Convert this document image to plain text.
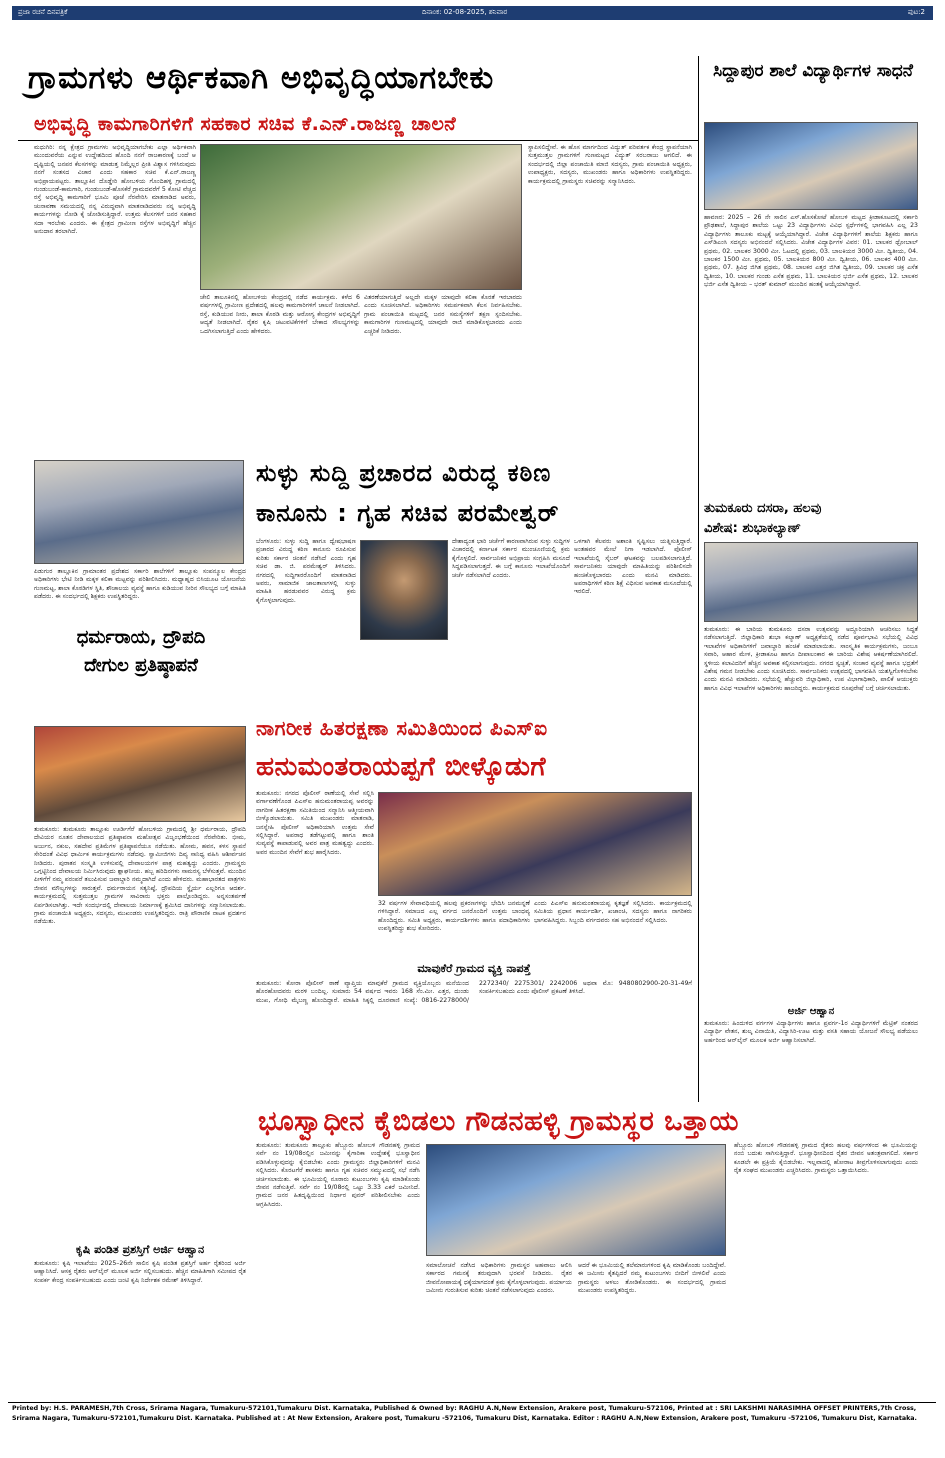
ಪ್ರಜಾ ರಚನೆ ದಿನಪತ್ರಿಕೆ	ದಿನಾಂಕ: 02-08-2025, ಶನಿವಾರ	ಪುಟ:2
ಗ್ರಾಮಗಳು ಆರ್ಥಿಕವಾಗಿ ಅಭಿವೃದ್ಧಿಯಾಗಬೇಕು
ಅಭಿವೃದ್ಧಿ ಕಾಮಗಾರಿಗಳಿಗೆ ಸಹಕಾರ ಸಚಿವ ಕೆ.ಎನ್.ರಾಜಣ್ಣ ಚಾಲನೆ
ಮಧುಗಿರಿ: ನನ್ನ ಕ್ಷೇತ್ರದ ಗ್ರಾಮಗಳು ಅಭಿವೃದ್ಧಿಯಾಗಬೇಕು ಎಲ್ಲಾ ಅರ್ಥಿಕವಾಗಿ ಮುಂದುವರೆಯ ಎನ್ನುವ ಉದ್ದೇಶದಿಂದ ಹೊಂದಿ ನನಗೆ ರಾಜಕಾರಣಕ್ಕೆ ಬಂದೆ ಆ ದೃಷ್ಟಿಯಲ್ಲಿ ಜನಪರ ಕೆಲಸಗಳನ್ನು ಮಾಡುತ್ತ ನಿಮ್ಮೆಲ್ಲರ ಪ್ರೀತಿ ವಿಶ್ವಾಸ ಗಳಿಸಿರುವುದು ನನಗೆ ಸಂತಸದ ವಿಚಾರ ಎಂದು ಸಹಕಾರ ಸಚಿವ ಕೆ.ಎನ್.ರಾಜಣ್ಣ ಅಭಿಪ್ರಾಯಪಟ್ಟರು. ತಾಲ್ಲೂಕಿನ ದೊಡ್ಡೇರಿ ಹೋಬಳಿಯ ಗೊಂದಿಹಳ್ಳಿ ಗ್ರಾಮದಲ್ಲಿ ಗುಂಡುಬಂಡೆ-ಕಾಮಗಾರಿ, ಗುಂಡುಬಂಡೆ-ಹೊಸಕೆರೆ ಗ್ರಾಮದವರೆಗೆ 5 ಕೋಟಿ ವೆಚ್ಚದ ರಸ್ತೆ ಅಭಿವೃದ್ಧಿ ಕಾಮಗಾರಿಗೆ ಭೂಮಿ ಪೂಜೆ ನೆರವೇರಿಸಿ ಮಾತನಾಡಿದ ಅವರು, ಚುನಾವಣಾ ಸಮಯದಲ್ಲಿ ನನ್ನ ವಿರುದ್ಧವಾಗಿ ಮಾತನಾಡಿದವರು ನನ್ನ ಅಭಿವೃದ್ಧಿ ಕಾರ್ಯಗಳನ್ನು ನೋಡಿ ಕೈ ಜೋಡಿಸುತ್ತಿದ್ದಾರೆ. ಉತ್ತಮ ಕೆಲಸಗಳಿಗೆ ಜನರ ಸಹಕಾರ ಸದಾ ಇರಬೇಕು ಎಂದರು. ಈ ಕ್ಷೇತ್ರದ ಗ್ರಾಮೀಣ ರಸ್ತೆಗಳ ಅಭಿವೃದ್ಧಿಗೆ ಹೆಚ್ಚಿನ ಅನುದಾನ ತರಲಾಗಿದೆ.
ಚೇಲಿ ತಾಲೂಕಿನಲ್ಲಿ ಹೋಬಳಿಯ ಕೇಂದ್ರದಲ್ಲಿ ನಡೆದ ಕಾರ್ಯಕ್ರಮ. ಕಳೆದ 6 ವರ್ಷಗಳಲ್ಲಿ ಗ್ರಾಮೀಣ ಪ್ರದೇಶದಲ್ಲಿ ಹಲವು ಕಾಮಗಾರಿಗಳಿಗೆ ಚಾಲನೆ ನೀಡಲಾಗಿದೆ. ರಸ್ತೆ, ಕುಡಿಯುವ ನೀರು, ಶಾಲಾ ಕೊಠಡಿ ಮತ್ತು ಆರೋಗ್ಯ ಕೇಂದ್ರಗಳ ಅಭಿವೃದ್ಧಿಗೆ ಆದ್ಯತೆ ನೀಡಲಾಗಿದೆ. ರೈತರ ಕೃಷಿ ಚಟುವಟಿಕೆಗಳಿಗೆ ಬೇಕಾದ ಸೌಲಭ್ಯಗಳನ್ನು ಒದಗಿಸಲಾಗುತ್ತಿದೆ ಎಂದು ಹೇಳಿದರು.
ವಿತರಣೆಯಾಗುತ್ತಿದೆ ಅಲ್ಲದೇ ಮಕ್ಕಳ ಯಾವುದೇ ಕಲಿಕಾ ಕೊರತೆ ಇರಬಾರದು ಎಂದು ಸೂಚಿಸಲಾಗಿದೆ. ಅಧಿಕಾರಿಗಳು ಸಮರ್ಪಕವಾಗಿ ಕೆಲಸ ನಿರ್ವಹಿಸಬೇಕು. ಗ್ರಾಮ ಪಂಚಾಯಿತಿ ಮಟ್ಟದಲ್ಲಿ ಜನರ ಸಮಸ್ಯೆಗಳಿಗೆ ತಕ್ಷಣ ಸ್ಪಂದಿಸಬೇಕು. ಕಾಮಗಾರಿಗಳ ಗುಣಮಟ್ಟದಲ್ಲಿ ಯಾವುದೇ ರಾಜಿ ಮಾಡಿಕೊಳ್ಳಬಾರದು ಎಂದು ಎಚ್ಚರಿಕೆ ನೀಡಿದರು.
ಸ್ಥಾಪಿಸಲಿದ್ದೇವೆ. ಈ ಹೊಸ ಮಾರ್ಗದಿಂದ ವಿದ್ಯುತ್ ಪರಿವರ್ತಕ ಕೇಂದ್ರ ಸ್ಥಾಪನೆಯಾಗಿ ಸುತ್ತಮುತ್ತಲ ಗ್ರಾಮಗಳಿಗೆ ಗುಣಮಟ್ಟದ ವಿದ್ಯುತ್ ಸರಬರಾಜು ಆಗಲಿದೆ. ಈ ಸಂದರ್ಭದಲ್ಲಿ ಜಿಲ್ಲಾ ಪಂಚಾಯಿತಿ ಮಾಜಿ ಸದಸ್ಯರು, ಗ್ರಾಮ ಪಂಚಾಯಿತಿ ಅಧ್ಯಕ್ಷರು, ಉಪಾಧ್ಯಕ್ಷರು, ಸದಸ್ಯರು, ಮುಖಂಡರು ಹಾಗೂ ಅಧಿಕಾರಿಗಳು ಉಪಸ್ಥಿತರಿದ್ದರು. ಕಾರ್ಯಕ್ರಮದಲ್ಲಿ ಗ್ರಾಮಸ್ಥರು ಸಚಿವರನ್ನು ಸನ್ಮಾನಿಸಿದರು.
ಸಿದ್ದಾಪುರ ಶಾಲೆ ವಿದ್ಯಾರ್ಥಿಗಳ ಸಾಧನೆ
ಹಾವಣರ: 2025 – 26 ನೇ ಸಾಲಿನ ಎಸ್.ಹೊಸಕೋಟೆ ಹೋಬಳಿ ಮಟ್ಟದ ಕ್ರೀಡಾಕೂಟದಲ್ಲಿ ಸರ್ಕಾರಿ ಪ್ರೌಢಶಾಲೆ, ಸಿದ್ದಾಪುರ ಶಾಲೆಯ ಒಟ್ಟು 23 ವಿದ್ಯಾರ್ಥಿಗಳು ವಿವಿಧ ಸ್ಪರ್ಧೆಗಳಲ್ಲಿ ಭಾಗವಹಿಸಿ ಎಲ್ಲ 23 ವಿದ್ಯಾರ್ಥಿಗಳು ತಾಲೂಕು ಮಟ್ಟಕ್ಕೆ ಆಯ್ಕೆಯಾಗಿದ್ದಾರೆ. ವಿಜೇತ ವಿದ್ಯಾರ್ಥಿಗಳಿಗೆ ಶಾಲೆಯ ಶಿಕ್ಷಕರು ಹಾಗೂ ಎಸ್‌ಡಿಎಂಸಿ ಸದಸ್ಯರು ಅಭಿನಂದನೆ ಸಲ್ಲಿಸಿದರು. ವಿಜೇತ ವಿದ್ಯಾರ್ಥಿಗಳ ವಿವರ: 01. ಬಾಲಕರ ಥ್ರೋಬಾಲ್ ಪ್ರಥಮ, 02. ಬಾಲಕರ 3000 ಮೀ. ಓಟದಲ್ಲಿ ಪ್ರಥಮ, 03. ಬಾಲಕಿಯರ 3000 ಮೀ. ದ್ವಿತೀಯ, 04. ಬಾಲಕರ 1500 ಮೀ. ಪ್ರಥಮ, 05. ಬಾಲಕಿಯರ 800 ಮೀ. ದ್ವಿತೀಯ, 06. ಬಾಲಕರ 400 ಮೀ. ಪ್ರಥಮ, 07. ತ್ರಿವಿಧ ಜಿಗಿತ ಪ್ರಥಮ, 08. ಬಾಲಕರ ಎತ್ತರ ಜಿಗಿತ ದ್ವಿತೀಯ, 09. ಬಾಲಕರ ಚಕ್ರ ಎಸೆತ ದ್ವಿತೀಯ, 10. ಬಾಲಕರ ಗುಂಡು ಎಸೆತ ಪ್ರಥಮ, 11. ಬಾಲಕಿಯರ ಭರ್ಜಿ ಎಸೆತ ಪ್ರಥಮ, 12. ಬಾಲಕರ ಭರ್ಜಿ ಎಸೆತ ದ್ವಿತೀಯ – ಭರತ್ ಕುಮಾರ್ ಮುಂದಿನ ಹಂತಕ್ಕೆ ಆಯ್ಕೆಯಾಗಿದ್ದಾರೆ.
ಪಿಡುಗುರ ತಾಲ್ಲೂಕಿನ ಗ್ರಾಮಾಂತರ ಪ್ರದೇಶದ ಸರ್ಕಾರಿ ಶಾಲೆಗಳಿಗೆ ತಾಲ್ಲೂಕು ಸಂಪನ್ಮೂಲ ಕೇಂದ್ರದ ಅಧಿಕಾರಿಗಳು ಭೇಟಿ ನೀಡಿ ಮಕ್ಕಳ ಕಲಿಕಾ ಮಟ್ಟವನ್ನು ಪರಿಶೀಲಿಸಿದರು. ಮಧ್ಯಾಹ್ನದ ಬಿಸಿಯೂಟ ಯೋಜನೆಯ ಗುಣಮಟ್ಟ, ಶಾಲಾ ಕೊಠಡಿಗಳ ಸ್ಥಿತಿ, ಶೌಚಾಲಯ ವ್ಯವಸ್ಥೆ ಹಾಗೂ ಕುಡಿಯುವ ನೀರಿನ ಸೌಲಭ್ಯದ ಬಗ್ಗೆ ಮಾಹಿತಿ ಪಡೆದರು. ಈ ಸಂದರ್ಭದಲ್ಲಿ ಶಿಕ್ಷಕರು ಉಪಸ್ಥಿತರಿದ್ದರು.
ಸುಳ್ಳು ಸುದ್ದಿ ಪ್ರಚಾರದ ವಿರುದ್ಧ ಕಠಿಣ
ಕಾನೂನು : ಗೃಹ ಸಚಿವ ಪರಮೇಶ್ವರ್
ಬೆಂಗಳೂರು: ಸುಳ್ಳು ಸುದ್ದಿ ಹಾಗೂ ದ್ವೇಷಭಾಷಣ ಪ್ರಚಾರದ ವಿರುದ್ಧ ಕಠಿಣ ಕಾನೂನು ರೂಪಿಸುವ ಕುರಿತು ಸರ್ಕಾರ ಚಿಂತನೆ ನಡೆಸಿದೆ ಎಂದು ಗೃಹ ಸಚಿವ ಡಾ. ಜಿ. ಪರಮೇಶ್ವರ್ ತಿಳಿಸಿದರು. ನಗರದಲ್ಲಿ ಸುದ್ದಿಗಾರರೊಂದಿಗೆ ಮಾತನಾಡಿದ ಅವರು, ಸಾಮಾಜಿಕ ಜಾಲತಾಣಗಳಲ್ಲಿ ಸುಳ್ಳು ಮಾಹಿತಿ ಹರಡುವವರ ವಿರುದ್ಧ ಕ್ರಮ ಕೈಗೊಳ್ಳಲಾಗುವುದು.
ದೇಶಾದ್ಯಂತ ಭಾರಿ ಚರ್ಚೆಗೆ ಕಾರಣವಾಗಿರುವ ಸುಳ್ಳು ಸುದ್ದಿಗಳ ವಿಚಾರದಲ್ಲಿ ಕರ್ನಾಟಕ ಸರ್ಕಾರ ಮುಂಚೂಣಿಯಲ್ಲಿ ಕ್ರಮ ಕೈಗೊಳ್ಳಲಿದೆ. ಸಾರ್ವಜನಿಕರ ಅಭಿಪ್ರಾಯ ಸಂಗ್ರಹಿಸಿ ಮಸೂದೆ ಸಿದ್ಧಪಡಿಸಲಾಗುತ್ತದೆ. ಈ ಬಗ್ಗೆ ಕಾನೂನು ಇಲಾಖೆಯೊಂದಿಗೆ ಚರ್ಚೆ ನಡೆಸಲಾಗಿದೆ ಎಂದರು.
ಒಳಗಾಗಿ ಕೆಲವರು ಅಶಾಂತಿ ಸೃಷ್ಟಿಸಲು ಯತ್ನಿಸುತ್ತಿದ್ದಾರೆ. ಅಂತಹವರ ಮೇಲೆ ನಿಗಾ ಇಡಲಾಗಿದೆ. ಪೊಲೀಸ್ ಇಲಾಖೆಯಲ್ಲಿ ಸೈಬರ್ ಘಟಕವನ್ನು ಬಲಪಡಿಸಲಾಗುತ್ತಿದೆ. ಸಾರ್ವಜನಿಕರು ಯಾವುದೇ ಮಾಹಿತಿಯನ್ನು ಪರಿಶೀಲಿಸದೇ ಹಂಚಿಕೊಳ್ಳಬಾರದು ಎಂದು ಮನವಿ ಮಾಡಿದರು. ಅಪರಾಧಿಗಳಿಗೆ ಕಠಿಣ ಶಿಕ್ಷೆ ವಿಧಿಸುವ ಅವಕಾಶ ಮಸೂದೆಯಲ್ಲಿ ಇರಲಿದೆ.
ತುಮಕೂರು ದಸರಾ, ಹಲವು
ವಿಶೇಷ: ಶುಭಾಕಲ್ಯಾಣ್
ತುಮಕೂರು: ಈ ಬಾರಿಯ ತುಮಕೂರು ದಸರಾ ಉತ್ಸವವನ್ನು ಅದ್ದೂರಿಯಾಗಿ ಆಚರಿಸಲು ಸಿದ್ಧತೆ ನಡೆಸಲಾಗುತ್ತಿದೆ. ಜಿಲ್ಲಾಧಿಕಾರಿ ಶುಭಾ ಕಲ್ಯಾಣ್ ಅಧ್ಯಕ್ಷತೆಯಲ್ಲಿ ನಡೆದ ಪೂರ್ವಭಾವಿ ಸಭೆಯಲ್ಲಿ ವಿವಿಧ ಇಲಾಖೆಗಳ ಅಧಿಕಾರಿಗಳಿಗೆ ಜವಾಬ್ದಾರಿ ಹಂಚಿಕೆ ಮಾಡಲಾಯಿತು. ಸಾಂಸ್ಕೃತಿಕ ಕಾರ್ಯಕ್ರಮಗಳು, ಜಂಬೂ ಸವಾರಿ, ಆಹಾರ ಮೇಳ, ಕ್ರೀಡಾಕೂಟ ಹಾಗೂ ದೀಪಾಲಂಕಾರ ಈ ಬಾರಿಯ ವಿಶೇಷ ಆಕರ್ಷಣೆಯಾಗಿರಲಿದೆ. ಸ್ಥಳೀಯ ಕಲಾವಿದರಿಗೆ ಹೆಚ್ಚಿನ ಅವಕಾಶ ಕಲ್ಪಿಸಲಾಗುವುದು. ನಗರದ ಸ್ವಚ್ಛತೆ, ಸಂಚಾರ ವ್ಯವಸ್ಥೆ ಹಾಗೂ ಭದ್ರತೆಗೆ ವಿಶೇಷ ಗಮನ ನೀಡಬೇಕು ಎಂದು ಸೂಚಿಸಿದರು. ಸಾರ್ವಜನಿಕರು ಉತ್ಸವದಲ್ಲಿ ಭಾಗವಹಿಸಿ ಯಶಸ್ವಿಗೊಳಿಸಬೇಕು ಎಂದು ಮನವಿ ಮಾಡಿದರು. ಸಭೆಯಲ್ಲಿ ಹೆಚ್ಚುವರಿ ಜಿಲ್ಲಾಧಿಕಾರಿ, ಉಪ ವಿಭಾಗಾಧಿಕಾರಿ, ಪಾಲಿಕೆ ಆಯುಕ್ತರು ಹಾಗೂ ವಿವಿಧ ಇಲಾಖೆಗಳ ಅಧಿಕಾರಿಗಳು ಹಾಜರಿದ್ದರು. ಕಾರ್ಯಕ್ರಮದ ರೂಪುರೇಷೆ ಬಗ್ಗೆ ಚರ್ಚಿಸಲಾಯಿತು.
ಧರ್ಮರಾಯ, ದ್ರೌಪದಿ
ದೇಗುಲ ಪ್ರತಿಷ್ಠಾಪನೆ
ತುಮಕೂರು: ತುಮಕೂರು ತಾಲ್ಲೂಕು ಊರ್ಡಿಗೆರೆ ಹೋಬಳಿಯ ಗ್ರಾಮದಲ್ಲಿ ಶ್ರೀ ಧರ್ಮರಾಯ, ದ್ರೌಪದಿ ದೇವಿಯರ ನೂತನ ದೇವಾಲಯದ ಪ್ರತಿಷ್ಠಾಪನಾ ಮಹೋತ್ಸವ ವಿಜೃಂಭಣೆಯಿಂದ ನೆರವೇರಿತು. ಭೀಮ, ಅರ್ಜುನ, ನಕುಲ, ಸಹದೇವ ಪ್ರತಿಮೆಗಳ ಪ್ರತಿಷ್ಠಾಪನೆಯೂ ನಡೆಯಿತು. ಹೋಮ, ಹವನ, ಕಳಸ ಸ್ಥಾಪನೆ ಸೇರಿದಂತೆ ವಿವಿಧ ಧಾರ್ಮಿಕ ಕಾರ್ಯಕ್ರಮಗಳು ನಡೆದವು. ಸ್ವಾಮೀಜಿಗಳು ದಿವ್ಯ ಸಾನಿಧ್ಯ ವಹಿಸಿ ಆಶೀರ್ವಚನ ನೀಡಿದರು. ಪುರಾತನ ಸಂಸ್ಕೃತಿ ಉಳಿಸುವಲ್ಲಿ ದೇವಾಲಯಗಳ ಪಾತ್ರ ಮಹತ್ವದ್ದು ಎಂದರು. ಗ್ರಾಮಸ್ಥರು ಒಗ್ಗಟ್ಟಿನಿಂದ ದೇವಾಲಯ ನಿರ್ಮಿಸಿರುವುದು ಶ್ಲಾಘನೀಯ. ಹಬ್ಬ ಹರಿದಿನಗಳು ಸಾಮರಸ್ಯ ಬೆಳೆಸುತ್ತವೆ. ಮುಂದಿನ ಪೀಳಿಗೆಗೆ ನಮ್ಮ ಪರಂಪರೆ ತಲುಪಿಸುವ ಜವಾಬ್ದಾರಿ ನಮ್ಮದಾಗಿದೆ ಎಂದು ಹೇಳಿದರು. ಮಹಾಭಾರತದ ಪಾತ್ರಗಳು ಜೀವನ ಮೌಲ್ಯಗಳನ್ನು ಸಾರುತ್ತವೆ. ಧರ್ಮರಾಯನ ಸತ್ಯನಿಷ್ಠೆ, ದ್ರೌಪದಿಯ ಸ್ಥೈರ್ಯ ಎಲ್ಲರಿಗೂ ಆದರ್ಶ. ಕಾರ್ಯಕ್ರಮದಲ್ಲಿ ಸುತ್ತಮುತ್ತಲ ಗ್ರಾಮಗಳ ಸಾವಿರಾರು ಭಕ್ತರು ಪಾಲ್ಗೊಂಡಿದ್ದರು. ಅನ್ನಸಂತರ್ಪಣೆ ಏರ್ಪಡಿಸಲಾಗಿತ್ತು. ಇದೇ ಸಂದರ್ಭದಲ್ಲಿ ದೇವಾಲಯ ನಿರ್ಮಾಣಕ್ಕೆ ಶ್ರಮಿಸಿದ ದಾನಿಗಳನ್ನು ಸನ್ಮಾನಿಸಲಾಯಿತು. ಗ್ರಾಮ ಪಂಚಾಯಿತಿ ಅಧ್ಯಕ್ಷರು, ಸದಸ್ಯರು, ಮುಖಂಡರು ಉಪಸ್ಥಿತರಿದ್ದರು. ರಾತ್ರಿ ಪೌರಾಣಿಕ ನಾಟಕ ಪ್ರದರ್ಶನ ನಡೆಯಿತು.
ಕೃಷಿ ಪಂಡಿತ ಪ್ರಶಸ್ತಿಗೆ ಅರ್ಜಿ ಆಹ್ವಾನ
ತುಮಕೂರು: ಕೃಷಿ ಇಲಾಖೆಯು 2025–26ನೇ ಸಾಲಿನ ಕೃಷಿ ಪಂಡಿತ ಪ್ರಶಸ್ತಿಗೆ ಅರ್ಹ ರೈತರಿಂದ ಅರ್ಜಿ ಆಹ್ವಾನಿಸಿದೆ. ಆಸಕ್ತ ರೈತರು ಆನ್‌ಲೈನ್ ಮೂಲಕ ಅರ್ಜಿ ಸಲ್ಲಿಸಬಹುದು. ಹೆಚ್ಚಿನ ಮಾಹಿತಿಗಾಗಿ ಸಮೀಪದ ರೈತ ಸಂಪರ್ಕ ಕೇಂದ್ರ ಸಂಪರ್ಕಿಸಬಹುದು ಎಂದು ಜಂಟಿ ಕೃಷಿ ನಿರ್ದೇಶಕ ರಮೇಶ್ ತಿಳಿಸಿದ್ದಾರೆ.
ನಾಗರೀಕ ಹಿತರಕ್ಷಣಾ ಸಮಿತಿಯಿಂದ ಪಿಎಸ್‌ಐ
ಹನುಮಂತರಾಯಪ್ಪಗೆ ಬೀಳ್ಕೊಡುಗೆ
ತುಮಕೂರು: ನಗರದ ಪೊಲೀಸ್ ಠಾಣೆಯಲ್ಲಿ ಸೇವೆ ಸಲ್ಲಿಸಿ ವರ್ಗಾವಣೆಗೊಂಡ ಪಿಎಸ್‌ಐ ಹನುಮಂತರಾಯಪ್ಪ ಅವರನ್ನು ನಾಗರೀಕ ಹಿತರಕ್ಷಣಾ ಸಮಿತಿಯಿಂದ ಸನ್ಮಾನಿಸಿ ಆತ್ಮೀಯವಾಗಿ ಬೀಳ್ಕೊಡಲಾಯಿತು. ಸಮಿತಿ ಮುಖಂಡರು ಮಾತನಾಡಿ, ಜನಸ್ನೇಹಿ ಪೊಲೀಸ್ ಅಧಿಕಾರಿಯಾಗಿ ಉತ್ತಮ ಸೇವೆ ಸಲ್ಲಿಸಿದ್ದಾರೆ. ಅಪರಾಧ ತಡೆಗಟ್ಟುವಲ್ಲಿ ಹಾಗೂ ಶಾಂತಿ ಸುವ್ಯವಸ್ಥೆ ಕಾಪಾಡುವಲ್ಲಿ ಅವರ ಪಾತ್ರ ಮಹತ್ವದ್ದು ಎಂದರು. ಅವರ ಮುಂದಿನ ಸೇವೆಗೆ ಶುಭ ಹಾರೈಸಿದರು.
32 ವರ್ಷಗಳ ಸೇವಾವಧಿಯಲ್ಲಿ ಹಲವು ಪ್ರಕರಣಗಳನ್ನು ಭೇದಿಸಿ ಜನಮನ್ನಣೆ ಗಳಿಸಿದ್ದಾರೆ. ಸಮಾಜದ ಎಲ್ಲ ವರ್ಗದ ಜನರೊಂದಿಗೆ ಉತ್ತಮ ಬಾಂಧವ್ಯ ಹೊಂದಿದ್ದರು. ಸಮಿತಿ ಅಧ್ಯಕ್ಷರು, ಕಾರ್ಯದರ್ಶಿಗಳು ಹಾಗೂ ಪದಾಧಿಕಾರಿಗಳು ಉಪಸ್ಥಿತರಿದ್ದು ಶುಭ ಕೋರಿದರು.
ಎಂದು ಪಿಎಸ್‌ಐ ಹನುಮಂತರಾಯಪ್ಪ ಕೃತಜ್ಞತೆ ಸಲ್ಲಿಸಿದರು. ಕಾರ್ಯಕ್ರಮದಲ್ಲಿ ಸಮಿತಿಯ ಪ್ರಧಾನ ಕಾರ್ಯದರ್ಶಿ, ಖಜಾಂಚಿ, ಸದಸ್ಯರು ಹಾಗೂ ನಾಗರಿಕರು ಭಾಗವಹಿಸಿದ್ದರು. ಸಿಬ್ಬಂದಿ ವರ್ಗದವರು ಸಹ ಅಭಿನಂದನೆ ಸಲ್ಲಿಸಿದರು.
ಮಾವುಕೆರೆ ಗ್ರಾಮದ ವ್ಯಕ್ತಿ ನಾಪತ್ತೆ
ತುಮಕೂರು: ಕೋರಾ ಪೊಲೀಸ್ ಠಾಣೆ ವ್ಯಾಪ್ತಿಯ ಮಾವುಕೆರೆ ಗ್ರಾಮದ ವ್ಯಕ್ತಿಯೊಬ್ಬರು ಮನೆಯಿಂದ ಹೊರಹೋದವರು ಮರಳಿ ಬಂದಿಲ್ಲ. ಸುಮಾರು 54 ವರ್ಷದ ಇವರು 168 ಸೆಂ.ಮೀ. ಎತ್ತರ, ದುಂಡು ಮುಖ, ಗೋಧಿ ಮೈಬಣ್ಣ ಹೊಂದಿದ್ದಾರೆ. ಮಾಹಿತಿ ಸಿಕ್ಕಲ್ಲಿ ದೂರವಾಣಿ ಸಂಖ್ಯೆ: 0816-2278000/ 2272340/ 2275301/ 2242006 ಅಥವಾ ಮೊ: 9480802900-20-31-49ಗೆ ಸಂಪರ್ಕಿಸಬಹುದು ಎಂದು ಪೊಲೀಸ್ ಪ್ರಕಟಣೆ ತಿಳಿಸಿದೆ.
ಅರ್ಜಿ ಆಹ್ವಾನ
ತುಮಕೂರು: ಹಿಂದುಳಿದ ವರ್ಗಗಳ ವಿದ್ಯಾರ್ಥಿಗಳು ಹಾಗೂ ಪ್ರವರ್ಗ-1ರ ವಿದ್ಯಾರ್ಥಿಗಳಿಗೆ ಮೆಟ್ರಿಕ್ ನಂತರದ ವಿದ್ಯಾರ್ಥಿ ವೇತನ, ಶುಲ್ಕ ವಿನಾಯಿತಿ, ವಿದ್ಯಾಸಿರಿ-ಊಟ ಮತ್ತು ವಸತಿ ಸಹಾಯ ಯೋಜನೆ ಸೌಲಭ್ಯ ಪಡೆಯಲು ಅರ್ಹರಿಂದ ಆನ್‌ಲೈನ್ ಮೂಲಕ ಅರ್ಜಿ ಆಹ್ವಾನಿಸಲಾಗಿದೆ.
ಭೂಸ್ವಾಧೀನ ಕೈಬಿಡಲು ಗೌಡನಹಳ್ಳಿ ಗ್ರಾಮಸ್ಥರ ಒತ್ತಾಯ
ತುಮಕೂರು: ತುಮಕೂರು ತಾಲ್ಲೂಕು ಹೆಬ್ಬೂರು ಹೋಬಳಿ ಗೌಡನಹಳ್ಳಿ ಗ್ರಾಮದ ಸರ್ವೆ ನಂ 19/08ರಲ್ಲಿನ ಜಮೀನನ್ನು ಕೈಗಾರಿಕಾ ಉದ್ದೇಶಕ್ಕೆ ಭೂಸ್ವಾಧೀನ ಪಡಿಸಿಕೊಳ್ಳುವುದನ್ನು ಕೈಬಿಡಬೇಕು ಎಂದು ಗ್ರಾಮಸ್ಥರು ಜಿಲ್ಲಾಧಿಕಾರಿಗಳಿಗೆ ಮನವಿ ಸಲ್ಲಿಸಿದರು. ಕೊರಟಗೆರೆ ಶಾಸಕರು ಹಾಗೂ ಗೃಹ ಸಚಿವರ ಸಮ್ಮುಖದಲ್ಲಿ ಸಭೆ ನಡೆಸಿ ಚರ್ಚಿಸಲಾಯಿತು. ಈ ಭೂಮಿಯಲ್ಲಿ ನೂರಾರು ಕುಟುಂಬಗಳು ಕೃಷಿ ಮಾಡಿಕೊಂಡು ಜೀವನ ನಡೆಸುತ್ತಿವೆ. ಸರ್ವೆ ನಂ 19/08ರಲ್ಲಿ ಒಟ್ಟು 3.33 ಎಕರೆ ಜಮೀನಿದೆ. ಗ್ರಾಮದ ಜನರ ಹಿತದೃಷ್ಟಿಯಿಂದ ನಿರ್ಧಾರ ಪುನರ್ ಪರಿಶೀಲಿಸಬೇಕು ಎಂದು ಆಗ್ರಹಿಸಿದರು.
ಸಮಾಲೋಚನೆ ನಡೆಸಿದ ಅಧಿಕಾರಿಗಳು ಗ್ರಾಮಸ್ಥರ ಅಹವಾಲು ಆಲಿಸಿ ಸರ್ಕಾರದ ಗಮನಕ್ಕೆ ತರುವುದಾಗಿ ಭರವಸೆ ನೀಡಿದರು. ರೈತರ ಜೀವನೋಪಾಯಕ್ಕೆ ಧಕ್ಕೆಯಾಗದಂತೆ ಕ್ರಮ ಕೈಗೊಳ್ಳಲಾಗುವುದು. ಪರ್ಯಾಯ ಜಮೀನು ಗುರುತಿಸುವ ಕುರಿತು ಚಿಂತನೆ ನಡೆಸಲಾಗುವುದು ಎಂದರು.
ಆದರೆ ಈ ಭೂಮಿಯಲ್ಲಿ ತಲೆಮಾರುಗಳಿಂದ ಕೃಷಿ ಮಾಡಿಕೊಂಡು ಬಂದಿದ್ದೇವೆ. ಈ ಜಮೀನು ಕೈತಪ್ಪಿದರೆ ನಮ್ಮ ಕುಟುಂಬಗಳು ಬೀದಿಗೆ ಬೀಳಲಿವೆ ಎಂದು ಗ್ರಾಮಸ್ಥರು ಅಳಲು ತೋಡಿಕೊಂಡರು. ಈ ಸಂದರ್ಭದಲ್ಲಿ ಗ್ರಾಮದ ಮುಖಂಡರು ಉಪಸ್ಥಿತರಿದ್ದರು.
ಹೆಬ್ಬೂರು ಹೋಬಳಿ ಗೌಡನಹಳ್ಳಿ ಗ್ರಾಮದ ರೈತರು ಹಲವು ವರ್ಷಗಳಿಂದ ಈ ಭೂಮಿಯನ್ನು ನಂಬಿ ಬದುಕು ಸಾಗಿಸುತ್ತಿದ್ದಾರೆ. ಭೂಸ್ವಾಧೀನದಿಂದ ರೈತರ ಜೀವನ ಅತಂತ್ರವಾಗಲಿದೆ. ಸರ್ಕಾರ ಕೂಡಲೇ ಈ ಪ್ರಕ್ರಿಯೆ ಕೈಬಿಡಬೇಕು. ಇಲ್ಲವಾದಲ್ಲಿ ಹೋರಾಟ ತೀವ್ರಗೊಳಿಸಲಾಗುವುದು ಎಂದು ರೈತ ಸಂಘದ ಮುಖಂಡರು ಎಚ್ಚರಿಸಿದರು. ಗ್ರಾಮಸ್ಥರು ಒತ್ತಾಯಿಸಿದರು.
Printed by: H.S. PARAMESH,7th Cross, Srirama Nagara, Tumakuru-572101,Tumakuru Dist. Karnataka, Published & Owned by: RAGHU A.N,New Extension, Arakere post, Tumakuru-572106, Printed at : SRI LAKSHMI NARASIMHA OFFSET PRINTERS,7th Cross,
Srirama Nagara, Tumakuru-572101,Tumakuru Dist. Karnataka. Published at : At New Extension, Arakere post, Tumakuru -572106, Tumakuru Dist, Karnataka. Editor : RAGHU A.N,New Extension, Arakere post, Tumakuru -572106, Tumakuru Dist, Karnataka.
